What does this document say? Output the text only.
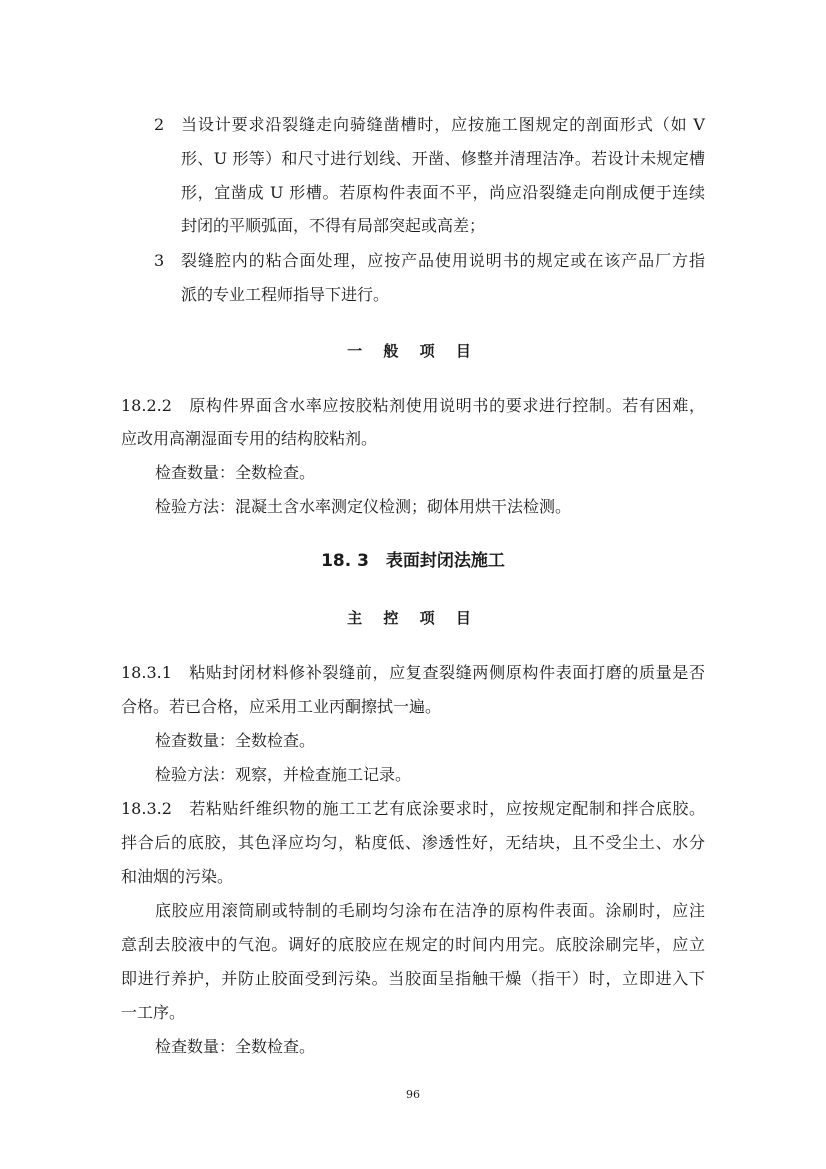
2 当设计要求沿裂缝走向骑缝凿槽时，应按施工图规定的剖面形式（如 V
形、U 形等）和尺寸进行划线、开凿、修整并清理洁净。若设计未规定槽
形，宜凿成 U 形槽。若原构件表面不平，尚应沿裂缝走向削成便于连续
封闭的平顺弧面，不得有局部突起或高差；
3 裂缝腔内的粘合面处理，应按产品使用说明书的规定或在该产品厂方指
派的专业工程师指导下进行。
一 般 项 目
18.2.2　原构件界面含水率应按胶粘剂使用说明书的要求进行控制。若有困难，
应改用高潮湿面专用的结构胶粘剂。
检查数量：全数检查。
检验方法：混凝土含水率测定仪检测；砌体用烘干法检测。
18. 3　表面封闭法施工
主 控 项 目
18.3.1　粘贴封闭材料修补裂缝前，应复查裂缝两侧原构件表面打磨的质量是否
合格。若已合格，应采用工业丙酮擦拭一遍。
检查数量：全数检查。
检验方法：观察，并检查施工记录。
18.3.2　若粘贴纤维织物的施工工艺有底涂要求时，应按规定配制和拌合底胶。
拌合后的底胶，其色泽应均匀，粘度低、渗透性好，无结块，且不受尘土、水分
和油烟的污染。
底胶应用滚筒刷或特制的毛刷均匀涂布在洁净的原构件表面。涂刷时，应注
意刮去胶液中的气泡。调好的底胶应在规定的时间内用完。底胶涂刷完毕，应立
即进行养护，并防止胶面受到污染。当胶面呈指触干燥（指干）时，立即进入下
一工序。
检查数量：全数检查。
96
